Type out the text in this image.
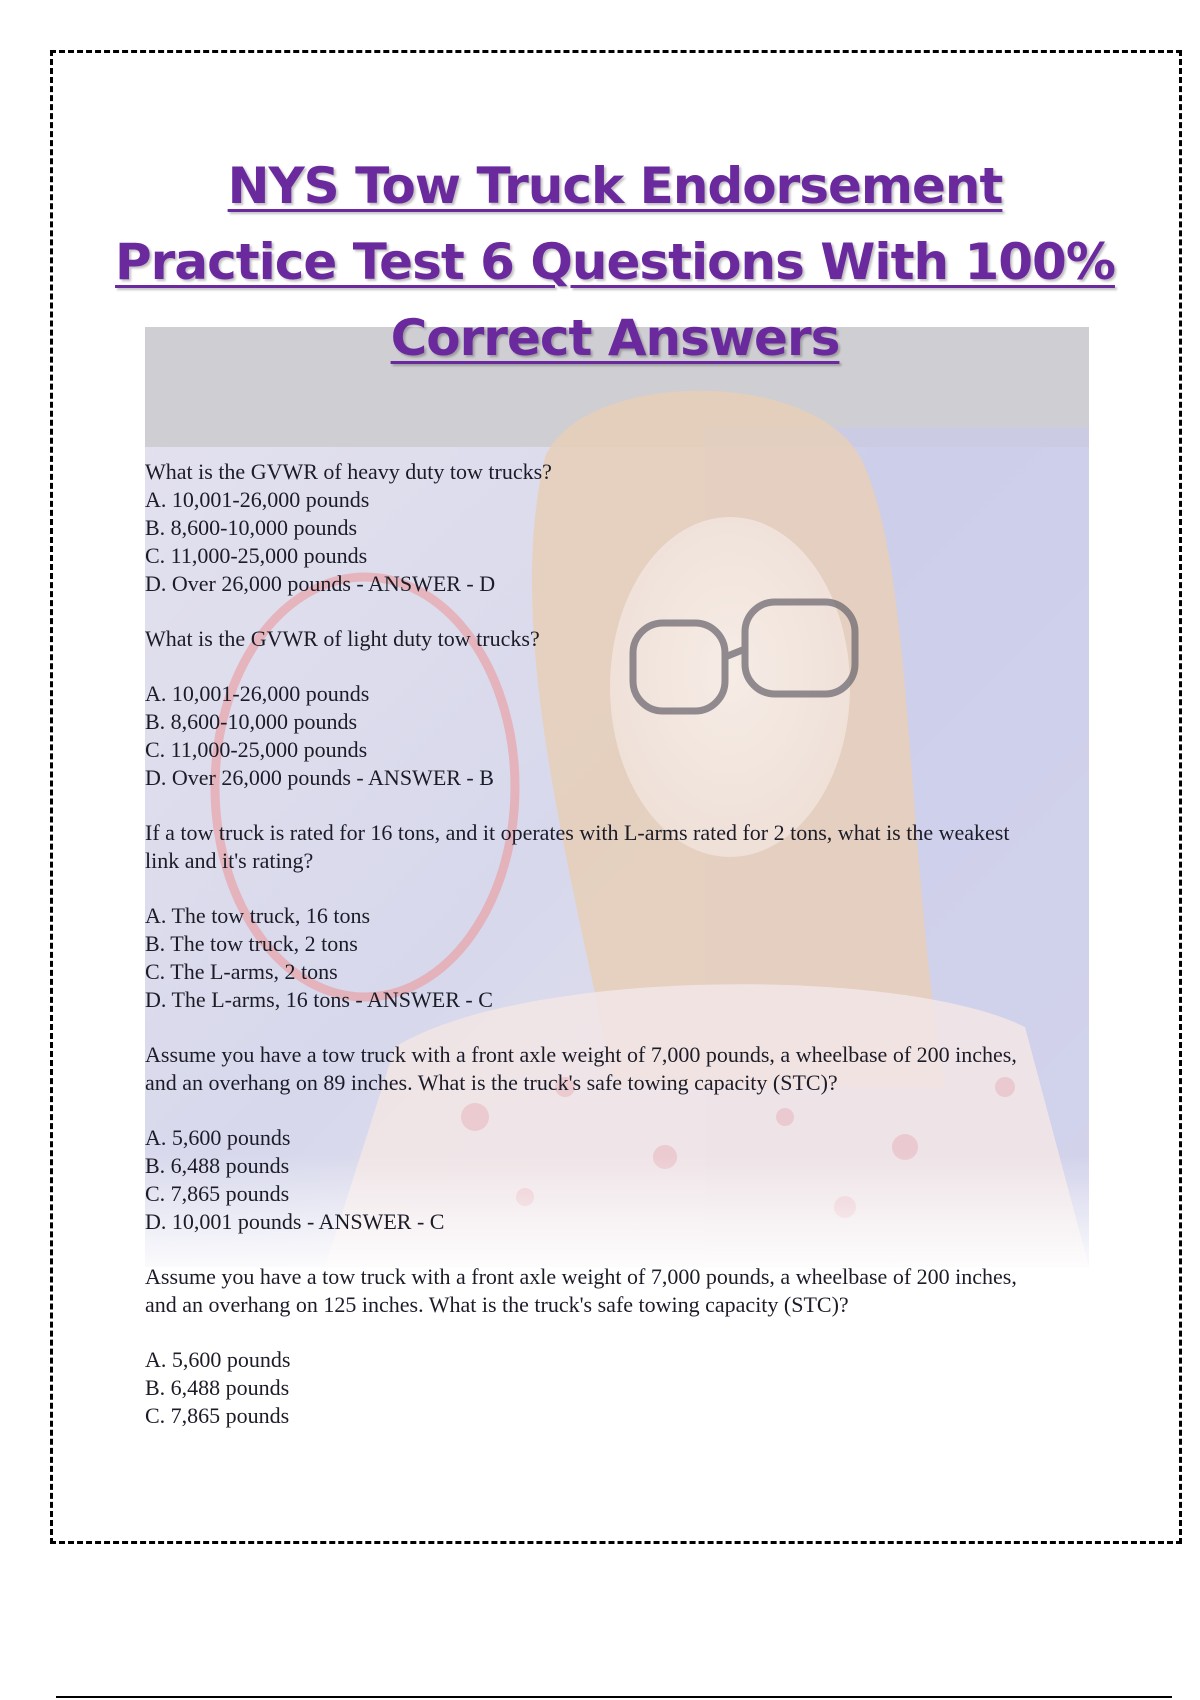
NYS Tow Truck Endorsement Practice Test 6 Questions With 100% Correct Answers

What is the GVWR of heavy duty tow trucks?

A. 10,001-26,000 pounds

B. 8,600-10,000 pounds

C. 11,000-25,000 pounds

D. Over 26,000 pounds - ANSWER - D

What is the GVWR of light duty tow trucks?

A. 10,001-26,000 pounds

B. 8,600-10,000 pounds

C. 11,000-25,000 pounds

D. Over 26,000 pounds - ANSWER - B

If a tow truck is rated for 16 tons, and it operates with L-arms rated for 2 tons, what is the weakest link and it's rating?

A. The tow truck, 16 tons

B. The tow truck, 2 tons

C. The L-arms, 2 tons

D. The L-arms, 16 tons - ANSWER - C

Assume you have a tow truck with a front axle weight of 7,000 pounds, a wheelbase of 200 inches, and an overhang on 89 inches. What is the truck's safe towing capacity (STC)?

A. 5,600 pounds

B. 6,488 pounds

C. 7,865 pounds

D. 10,001 pounds - ANSWER - C

Assume you have a tow truck with a front axle weight of 7,000 pounds, a wheelbase of 200 inches, and an overhang on 125 inches. What is the truck's safe towing capacity (STC)?

A. 5,600 pounds

B. 6,488 pounds

C. 7,865 pounds
